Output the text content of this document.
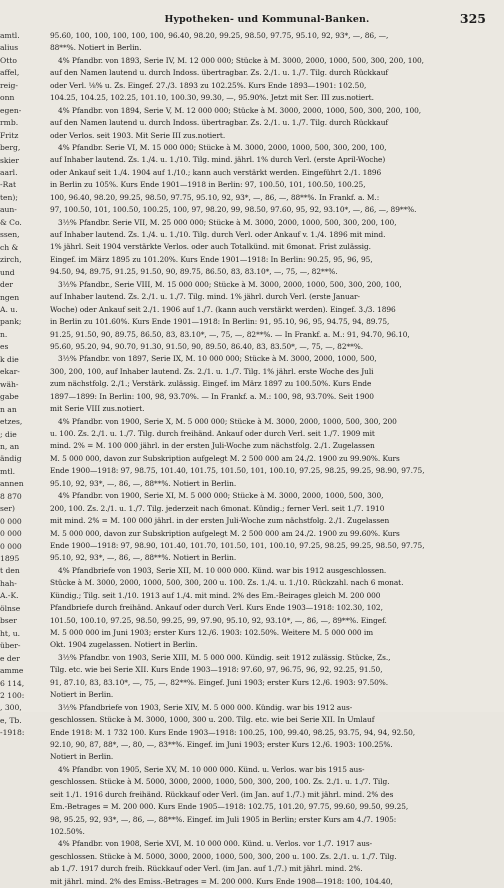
amtl.
alius
Otto
affel,
reig-
onn
egen-
rmb.
Fritz
berg,
skier
aarl.
-Rat
ten);
aun-
& Co.
ssen,
ch &
zirch,
und
der
ngen
A. u.
pank;
n.
es
k die
ekar-
wäh-
gabe
n an
etzes,
; die
n, an
ändig
mtl.
annen
8 870
ser)
0 000
0 000
0 000
1895
t den
hah-
A.-K.
ölnse
bser
ht, u.
über-
e der
amme
6 114,
2 100:
, 300,
e, Tb.
-1918:
Hypotheken- und Kommunal-Banken.	325
95.60, 100, 100, 100, 100, 100, 96.40, 98.20, 99.25, 98.50, 97.75, 95.10, 92, 93*, —, 86, —,
88**%. Notiert in Berlin.
4% Pfandbr. von 1893, Serie IV, M. 12 000 000; Stücke à M. 3000, 2000, 1000, 500, 300, 200, 100,
auf den Namen lautend u. durch Indoss. übertragbar. Zs. 2./1. u. 1./7. Tilg. durch Rückkauf
oder Verl. ⅛% u. Zs. Eingef. 27./3. 1893 zu 102.25%. Kurs Ende 1893—1901: 102.50,
104.25, 104.25, 102.25, 101.10, 100.30, 99.30, —, 95.90%. Jetzt mit Ser. III zus.notiert.
4% Pfandbr. von 1894, Serie V, M. 12 000 000; Stücke à M. 3000, 2000, 1000, 500, 300, 200, 100,
auf den Namen lautend u. durch Indoss. übertragbar. Zs. 2./1. u. 1./7. Tilg. durch Rückkauf
oder Verlos. seit 1903. Mit Serie III zus.notiert.
4% Pfandbr. Serie VI, M. 15 000 000; Stücke à M. 3000, 2000, 1000, 500, 300, 200, 100,
auf Inhaber lautend. Zs. 1./4. u. 1./10. Tilg. mind. jährl. 1% durch Verl. (erste April-Woche)
oder Ankauf seit 1./4. 1904 auf 1./10.; kann auch verstärkt werden. Eingeführt 2./1. 1896
in Berlin zu 105%. Kurs Ende 1901—1918 in Berlin: 97, 100.50, 101, 100.50, 100.25,
100, 96.40, 98.20, 99.25, 98.50, 97.75, 95.10, 92, 93*, —, 86, —, 88**%. In Frankf. a. M.:
97, 100.50, 101, 100.50, 100.25, 100, 97, 98.20, 99, 98.50, 97.60, 95, 92, 93.10*, —, 86, —, 89**%.
3½% Pfandbr. Serie VII, M. 25 000 000; Stücke à M. 3000, 2000, 1000, 500, 300, 200, 100,
auf Inhaber lautend. Zs. 1./4. u. 1./10. Tilg. durch Verl. oder Ankauf v. 1./4. 1896 mit mind.
1% jährl. Seit 1904 verstärkte Verlos. oder auch Totalkünd. mit 6monat. Frist zulässig.
Eingef. im März 1895 zu 101.20%. Kurs Ende 1901—1918: In Berlin: 90.25, 95, 96, 95,
94.50, 94, 89.75, 91.25, 91.50, 90, 89.75, 86.50, 83, 83.10*, —, 75, —, 82**%.
3½% Pfandbr., Serie VIII, M. 15 000 000; Stücke à M. 3000, 2000, 1000, 500, 300, 200, 100,
auf Inhaber lautend. Zs. 2./1. u. 1./7. Tilg. mind. 1% jährl. durch Verl. (erste Januar-
Woche) oder Ankauf seit 2./1. 1906 auf 1./7. (kann auch verstärkt werden). Eingef. 3./3. 1896
in Berlin zu 101.60%. Kurs Ende 1901—1918: In Berlin: 91, 95.10, 96, 95, 94.75, 94, 89.75,
91.25, 91.50, 90, 89.75, 86.50, 83, 83.10*, —, 75, —, 82**%. — In Frankf. a. M.: 91, 94.70, 96.10,
95.60, 95.20, 94, 90.70, 91.30, 91.50, 90, 89.50, 86.40, 83, 83.50*, —, 75, —, 82**%.
3½% Pfandbr. von 1897, Serie IX, M. 10 000 000; Stücke à M. 3000, 2000, 1000, 500,
300, 200, 100, auf Inhaber lautend. Zs. 2./1. u. 1./7. Tilg. 1% jährl. erste Woche des Juli
zum nächstfolg. 2./1.; Verstärk. zulässig. Eingef. im März 1897 zu 100.50%. Kurs Ende
1897—1899: In Berlin: 100, 98, 93.70%. — In Frankf. a. M.: 100, 98, 93.70%. Seit 1900
mit Serie VIII zus.notiert.
4% Pfandbr. von 1900, Serie X, M. 5 000 000; Stücke à M. 3000, 2000, 1000, 500, 300, 200
u. 100. Zs. 2./1. u. 1./7. Tilg. durch freihänd. Ankauf oder durch Verl. seit 1./7. 1909 mit
mind. 2% = M. 100 000 jährl. in der ersten Juli-Woche zum nächstfolg. 2./1. Zugelassen
M. 5 000 000, davon zur Subskription aufgelegt M. 2 500 000 am 24./2. 1900 zu 99.90%. Kurs
Ende 1900—1918: 97, 98.75, 101.40, 101.75, 101.50, 101, 100.10, 97.25, 98.25, 99.25, 98.90, 97.75,
95.10, 92, 93*, —, 86, —, 88**%. Notiert in Berlin.
4% Pfandbr. von 1900, Serie XI, M. 5 000 000; Stücke à M. 3000, 2000, 1000, 500, 300,
200, 100. Zs. 2./1. u. 1./7. Tilg. jederzeit nach 6monat. Kündig.; ferner Verl. seit 1./7. 1910
mit mind. 2% = M. 100 000 jährl. in der ersten Juli-Woche zum nächstfolg. 2./1. Zugelassen
M. 5 000 000, davon zur Subskription aufgelegt M. 2 500 000 am 24./2. 1900 zu 99.60%. Kurs
Ende 1900—1918: 97, 98.90, 101.40, 101.70, 101.50, 101, 100.10, 97.25, 98.25, 99.25, 98.50, 97.75,
95.10, 92, 93*, —, 86, —, 88**%. Notiert in Berlin.
4% Pfandbriefe von 1903, Serie XII, M. 10 000 000. Künd. war bis 1912 ausgeschlossen.
Stücke à M. 3000, 2000, 1000, 500, 300, 200 u. 100. Zs. 1./4. u. 1./10. Rückzahl. nach 6 monat.
Kündig.; Tilg. seit 1./10. 1913 auf 1./4. mit mind. 2% des Em.-Beirages gleich M. 200 000
Pfandbriefe durch freihänd. Ankauf oder durch Verl. Kurs Ende 1903—1918: 102.30, 102,
101.50, 100.10, 97.25, 98.50, 99.25, 99, 97.90, 95.10, 92, 93.10*, —, 86, —, 89**%. Eingef.
M. 5 000 000 im Juni 1903; erster Kurs 12./6. 1903: 102.50%. Weitere M. 5 000 000 im
Okt. 1904 zugelassen. Notiert in Berlin.
3½% Pfandbr. von 1903, Serie XIII, M. 5 000 000. Kündig. seit 1912 zulässig. Stücke, Zs.,
Tilg. etc. wie bei Serie XII. Kurs Ende 1903—1918: 97.60, 97, 96.75, 96, 92, 92.25, 91.50,
91, 87.10, 83, 83.10*, —, 75, —, 82**%. Eingef. Juni 1903; erster Kurs 12./6. 1903: 97.50%.
Notiert in Berlin.
3½% Pfandbriefe von 1903, Serie XIV, M. 5 000 000. Kündig. war bis 1912 aus-
geschlossen. Stücke à M. 3000, 1000, 300 u. 200. Tilg. etc. wie bei Serie XII. In Umlauf
Ende 1918: M. 1 732 100. Kurs Ende 1903—1918: 100.25, 100, 99.40, 98.25, 93.75, 94, 94, 92.50,
92.10, 90, 87, 88*, —, 80, —, 83**%. Eingef. im Juni 1903; erster Kurs 12./6. 1903: 100.25%.
Notiert in Berlin.
4% Pfandbr. von 1905, Serie XV, M. 10 000 000. Künd. u. Verlos. war bis 1915 aus-
geschlossen. Stücke à M. 5000, 3000, 2000, 1000, 500, 300, 200, 100. Zs. 2./1. u. 1./7. Tilg.
seit 1./1. 1916 durch freihänd. Rückkauf oder Verl. (im Jan. auf 1./7.) mit jährl. mind. 2% des
Em.-Betrages = M. 200 000. Kurs Ende 1905—1918: 102.75, 101.20, 97.75, 99.60, 99.50, 99.25,
98, 95.25, 92, 93*, —, 86, —, 88**%. Eingef. im Juli 1905 in Berlin; erster Kurs am 4./7. 1905:
102.50%.
4% Pfandbr. von 1908, Serie XVI, M. 10 000 000. Künd. u. Verlos. vor 1./7. 1917 aus-
geschlossen. Stücke à M. 5000, 3000, 2000, 1000, 500, 300, 200 u. 100. Zs. 2./1. u. 1./7. Tilg.
ab 1./7. 1917 durch freih. Rückkauf oder Verl. (im Jan. auf 1./7.) mit jährl. mind. 2%.
mit jährl. mind. 2% des Emiss.-Betrages = M. 200 000. Kurs Ende 1908—1918: 100, 104.40,
